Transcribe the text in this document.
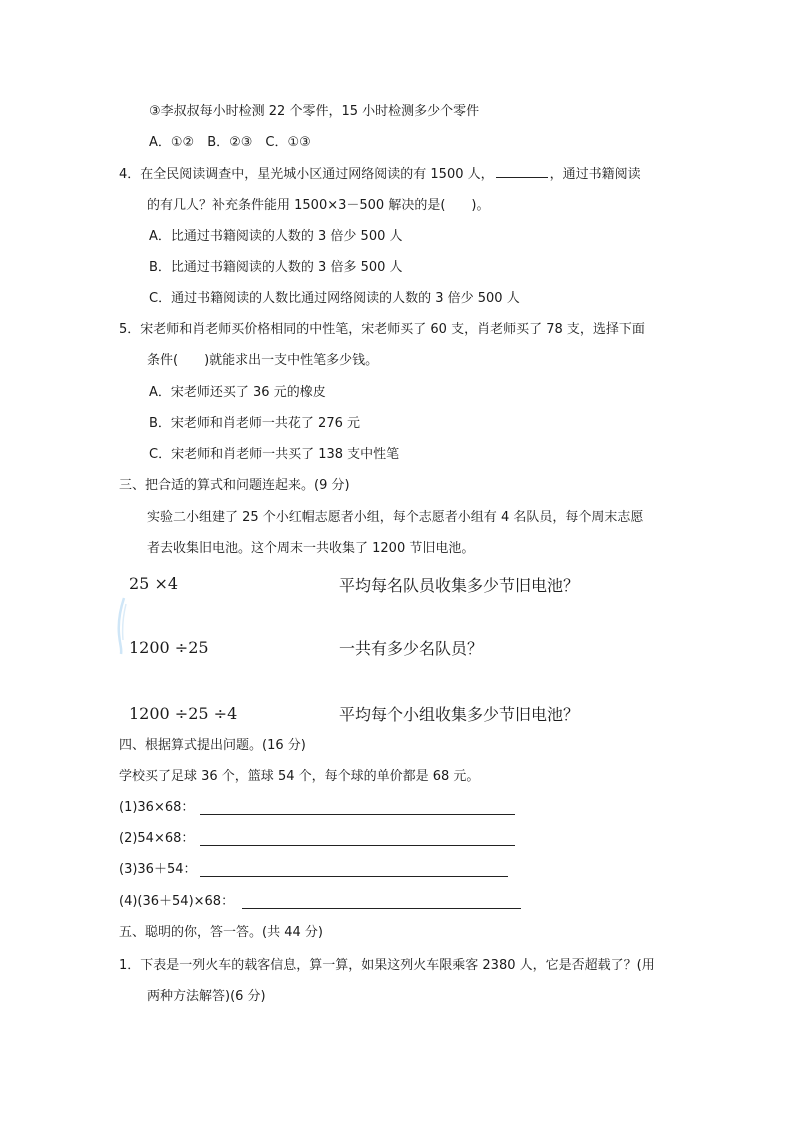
③李叔叔每小时检测 22 个零件，15 小时检测多少个零件
A．①②　B．②③　C．①③
4．在全民阅读调查中，星光城小区通过网络阅读的有 1500 人，	，通过书籍阅读
的有几人？补充条件能用 1500×3－500 解决的是(　　)。
A．比通过书籍阅读的人数的 3 倍少 500 人
B．比通过书籍阅读的人数的 3 倍多 500 人
C．通过书籍阅读的人数比通过网络阅读的人数的 3 倍少 500 人
5．宋老师和肖老师买价格相同的中性笔，宋老师买了 60 支，肖老师买了 78 支，选择下面
条件(　　)就能求出一支中性笔多少钱。
A．宋老师还买了 36 元的橡皮
B．宋老师和肖老师一共花了 276 元
C．宋老师和肖老师一共买了 138 支中性笔
三、把合适的算式和问题连起来。(9 分)
实验二小组建了 25 个小红帽志愿者小组，每个志愿者小组有 4 名队员，每个周末志愿
者去收集旧电池。这个周末一共收集了 1200 节旧电池。
25 ×4	平均每名队员收集多少节旧电池？
1200 ÷25	一共有多少名队员？
1200 ÷25 ÷4	平均每个小组收集多少节旧电池？
四、根据算式提出问题。(16 分)
学校买了足球 36 个，篮球 54 个，每个球的单价都是 68 元。
(1)36×68：
(2)54×68：
(3)36＋54：
(4)(36＋54)×68：
五、聪明的你，答一答。(共 44 分)
1．下表是一列火车的载客信息，算一算，如果这列火车限乘客 2380 人，它是否超载了？(用
两种方法解答)(6 分)
